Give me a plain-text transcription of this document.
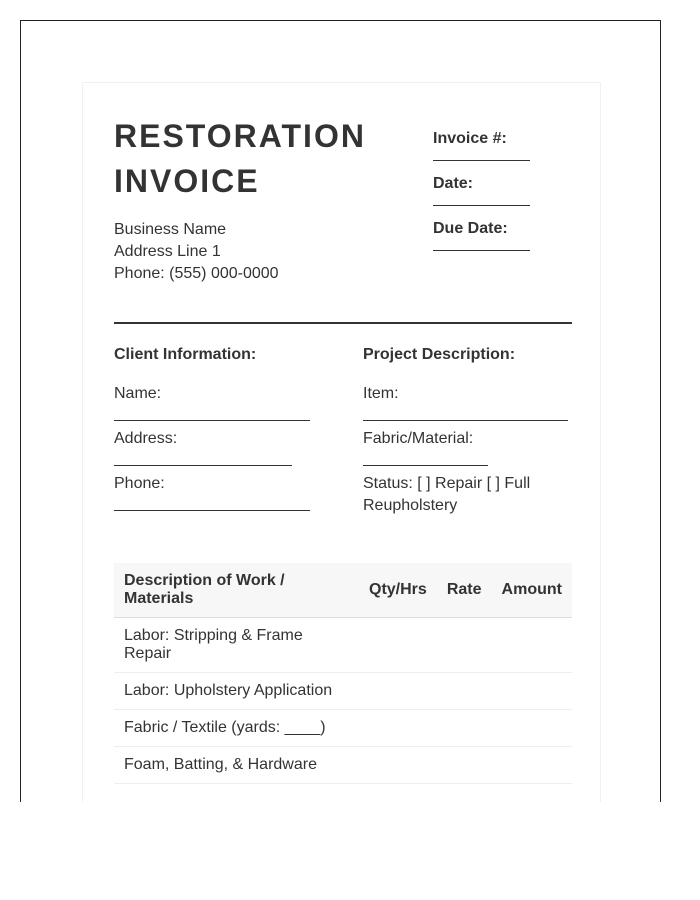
RESTORATION
INVOICE
Business Name
Address Line 1
Phone: (555) 000-0000
Invoice #:
Date:
Due Date:
Client Information:
Name:
Address:
Phone:
Project Description:
Item:
Fabric/Material:
Status: [ ] Repair [ ] Full Reupholstery
Description of Work / Materials	Qty/Hrs	Rate	Amount
Labor: Stripping & Frame Repair			
Labor: Upholstery Application			
Fabric / Textile (yards: ____)			
Foam, Batting, & Hardware			
